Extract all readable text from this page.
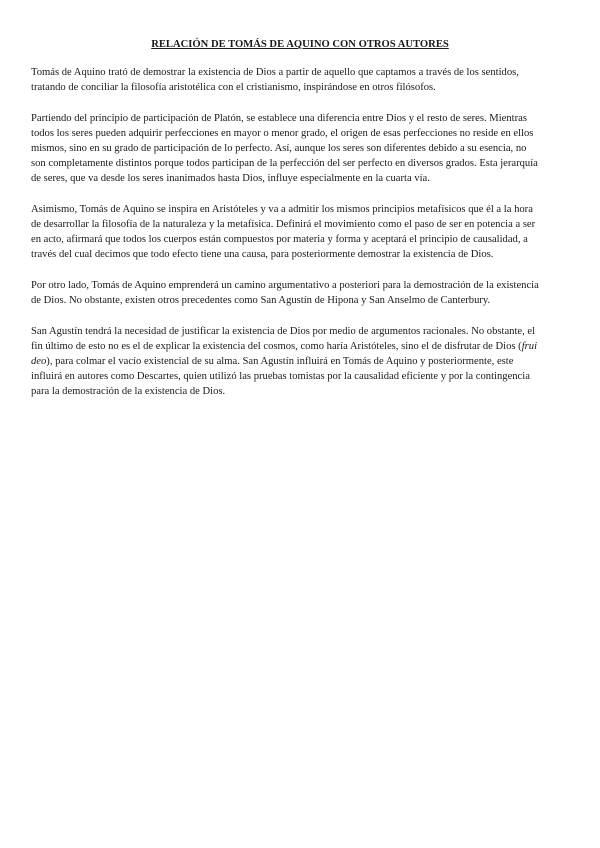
RELACIÓN DE TOMÁS DE AQUINO CON OTROS AUTORES

Tomás de Aquino trató de demostrar la existencia de Dios a partir de aquello que captamos a través de los sentidos, tratando de conciliar la filosofía aristotélica con el cristianismo, inspirándose en otros filósofos.

Partiendo del principio de participación de Platón, se establece una diferencia entre Dios y el resto de seres. Mientras todos los seres pueden adquirir perfecciones en mayor o menor grado, el origen de esas perfecciones no reside en ellos mismos, sino en su grado de participación de lo perfecto. Así, aunque los seres son diferentes debido a su esencia, no son completamente distintos porque todos participan de la perfección del ser perfecto en diversos grados. Esta jerarquía de seres, que va desde los seres inanimados hasta Dios, influye especialmente en la cuarta vía.

Asimismo, Tomás de Aquino se inspira en Aristóteles y va a admitir los mismos principios metafísicos que él a la hora de desarrollar la filosofía de la naturaleza y la metafísica. Definirá el movimiento como el paso de ser en potencia a ser en acto, afirmará que todos los cuerpos están compuestos por materia y forma y aceptará el principio de causalidad, a través del cual decimos que todo efecto tiene una causa, para posteriormente demostrar la existencia de Dios.

Por otro lado, Tomás de Aquino emprenderá un camino argumentativo a posteriori para la demostración de la existencia de Dios. No obstante, existen otros precedentes como San Agustín de Hipona y San Anselmo de Canterbury.

San Agustín tendrá la necesidad de justificar la existencia de Dios por medio de argumentos racionales. No obstante, el fin último de esto no es el de explicar la existencia del cosmos, como haría Aristóteles, sino el de disfrutar de Dios (frui deo), para colmar el vacío existencial de su alma. San Agustín influirá en Tomás de Aquino y posteriormente, este influirá en autores como Descartes, quien utilizó las pruebas tomistas por la causalidad eficiente y por la contingencia para la demostración de la existencia de Dios.
